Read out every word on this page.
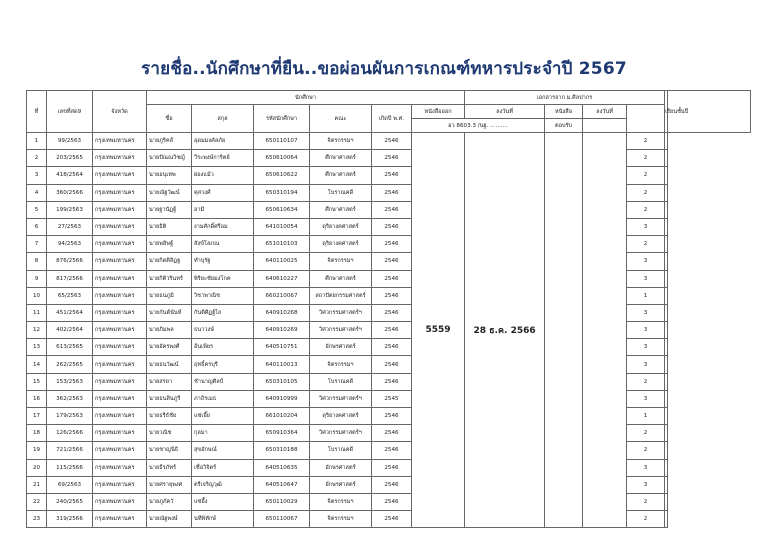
รายชื่อ..นักศึกษาที่ยืน..ขอผ่อนผันการเกณฑ์ทหารประจำปี 2567
ที่	เลขที่สด9	จังหวัด	นักศึกษา						เอกสารจาก ม.ศิลปากร				เรียนชั้นปี	
			ชื่อ	สกุล	รหัสนักศึกษา	คณะ	เกิดปี พ.ศ.	หนังสือออก	ลงวันที่	หนังสือ	ลงวันที่			
								อว 8603.3 /นฐ. ..........		ตอบรับ				
1	99/2563	กรุงเทพมหานคร	นายภูริคส์	อุดมมงคัลภัย	650110107	จิตรกรรมฯ	2546	5559	28 ธ.ค. 2566			2		
2	203/2565	กรุงเทพมหานคร	นายปัณณวิชญ์	วีระพงษ์การิตย์	650610064	ศึกษาศาสตร์	2546					2		
3	418/2564	กรุงเทพมหานคร	นายอนุเทพ	ผ่องแม้ว	650610622	ศึกษาศาสตร์	2546					2		
4	360/2566	กรุงเทพมหานคร	นายณัฐวัฒน์	คุสวงศ์	650310194	โบราณคดี	2546					2		
5	199/2563	กรุงเทพมหานคร	นายฐานัฏฐ์	อามี	650610634	ศึกษาศาสตร์	2546					2		
6	27/2563	กรุงเทพมหานคร	นายธิติ	งามศักดิ์ศรีอม	641010054	ดุริยางคศาสตร์	2546					3		
7	94/2563	กรุงเทพมหานคร	นายพสิษฐ์	สังข์โสภณ	651010103	ดุริยางคศาสตร์	2546					2		
8	876/2566	กรุงเทพมหานคร	นายกิตติสิฏฐ	ทำบุรัฐ	640110025	จิตรกรรมฯ	2546					3		
9	817/2566	กรุงเทพมหานคร	นายกิติวรินทร์	พิริยะชัยมงโกค	640610227	ศึกษาศาสตร์	2546					3		
10	65/2563	กรุงเทพมหานคร	นายธนภูมิ	วิชาพาณิช	660210067	สถาปัตยกรรมศาสตร์	2546					1		
11	451/2564	กรุงเทพมหานคร	นายกันต์นันท์	กันติศิฏฐ์ไถ	640910268	วิศวกรรมศาสตร์ฯ	2546					3		
12	402/2564	กรุงเทพมหานคร	นายภิมพล	ธนาวงษ์	640910269	วิศวกรรมศาสตร์ฯ	2546					3		
13	613/2565	กรุงเทพมหานคร	นายอัครพงศ์	อ้นเพียร	640510751	อักษรศาสตร์	2546					3		
14	262/2565	กรุงเทพมหานคร	นายธนวัฒน์	ฤทธิ์ครบุรี	640110013	จิตรกรรมฯ	2546					3		
15	153/2563	กรุงเทพมหานคร	นายสรยา	ชำนาญศิลป์	650310105	โบราณคดี	2546					2		
16	362/2563	กรุงเทพมหานคร	นายธนสินภูรี	ภาถิรเมธ	640910999	วิศวกรรมศาสตร์ฯ	2545					3		
17	179/2563	กรุงเทพมหานคร	นายธรีธัชัย	แซ่เอี๊ย	661010204	ดุริยางคศาสตร์	2546					1		
18	126/2566	กรุงเทพมหานคร	นายวณิช	กุลมา	650910364	วิศวกรรมศาสตร์ฯ	2546					2		
19	721/2566	กรุงเทพมหานคร	นายชาญนิธิ	สุขอักษณ์	650310188	โบราณคดี	2546					2		
20	115/2566	กรุงเทพมหานคร	นายธีรภัทร์	เชื่อวิจิตร์	640510635	อักษรศาสตร์	2546					3		
21	69/2563	กรุงเทพมหานคร	นายศรายุพงศ	ตรีเจริญวุฒิ	640510647	อักษรศาสตร์	2546					3		
22	240/2565	กรุงเทพมหานคร	นายภูภัควั	แซ่อึ้ง	650110029	จิตรกรรมฯ	2546					2		
23	319/2566	กรุงเทพมหานคร	นายณัฐพงษ์	นทีพิทักษ์	650110067	จิตรกรรมฯ	2546					2		
